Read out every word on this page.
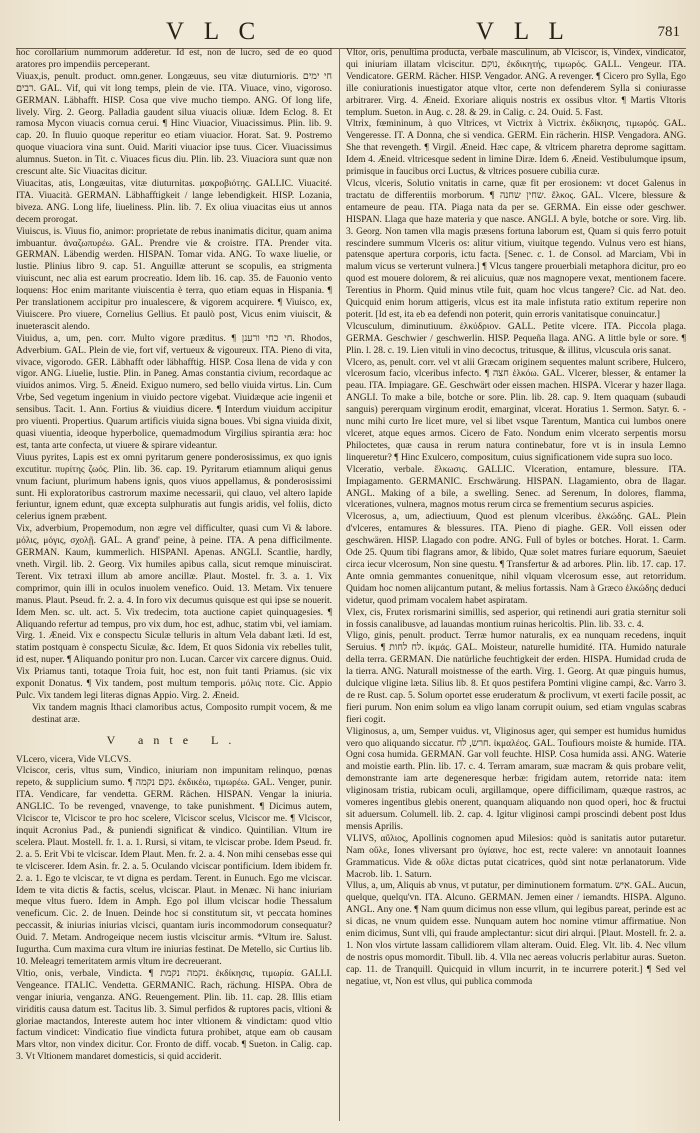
V L C	V L L	781

hoc corollarium nummorum adderetur. Id est, non de lucro, sed de eo quod aratores pro impendiis perceperant.

Viuax,is, penult. product. omn.gener. Longæuus, seu vitæ diuturnioris. חי ימים רבים. GAL. Vif, qui vit long temps, plein de vie. ITA. Viuace, vino, vigoroso. GERMAN. Läbhafft. HISP. Cosa que vive mucho tiempo. ANG. Of long life, lively. Virg. 2. Georg. Palladia gaudent silua viuacis oliuæ. Idem Eclog. 8. Et ramosa Mycon viuacis cornua cerui. ¶ Hinc Viuacior, Viuacissimus. Plin. lib. 9. cap. 20. In fluuio quoque reperitur eo etiam viuacior. Horat. Sat. 9. Postremo quoque viuaciora vina sunt. Ouid. Mariti viuacior ipse tuus. Cicer. Viuacissimus alumnus. Sueton. in Tit. c. Viuaces ficus diu. Plin. lib. 23. Viuaciora sunt quæ non crescunt alte. Sic Viuacitas dicitur.

Viuacitas, atis, Longæuitas, vitæ diuturnitas. μακροβιότης. GALLIC. Viuacité. ITA. Viuacità. GERMAN. Läbhafftigkeit / lange lebendigkeit. HISP. Lozania, biveza. ANG. Long life, liueliness. Plin. lib. 7. Ex oliua viuacitas eius ut annos decem prorogat.

Viuiscus, is. Viuus fio, animor: proprietate de rebus inanimatis dicitur, quam anima imbuantur. ἀναζωπυρέω. GAL. Prendre vie & croistre. ITA. Prender vita. GERMAN. Läbendig werden. HISPAN. Tomar vida. ANG. To waxe liuelie, or lustie. Plinius libro 9. cap. 51. Anguillæ atterunt se scopulis, ea strigmenta viuiscunt, nec alia est earum procreatio. Idem lib. 16. cap. 35. de Fauonio vento loquens: Hoc enim maritante viuiscentia è terra, quo etiam equas in Hispania. ¶ Per translationem accipitur pro inualescere, & vigorem acquirere. ¶ Viuisco, ex, Viuiscere. Pro viuere, Cornelius Gellius. Et paulò post, Vicus enim viuiscit, & inueterascit alendo.

Viuidus, a, um, pen. corr. Multo vigore præditus. ¶ חי כחי ורענן. Rhodos, Adverbium. GAL. Plein de vie, fort vif, vertueux & vigoureux. ITA. Pieno di vita, vivace, vigorodo. GER. Läbhafft oder läbhafftig. HISP. Cosa llena de vida y con vigor. ANG. Liuelie, lustie. Plin. in Paneg. Amas constantia civium, recordaque ac viuidos animos. Virg. 5. Æneid. Exiguo numero, sed bello viuida virtus. Lin. Cum Vrbe, Sed vegetum ingenium in viuido pectore vigebat. Viuidæque acie ingenii et sensibus. Tacit. 1. Ann. Fortius & viuidius dicere. ¶ Interdum viuidum accipitur pro viuenti. Propertius. Quarum artificis viuida signa boues. Vbi signa viuida dixit, quasi viuentia, ideoque hyperbolice, quemadmodum Virgilius spirantia æra: hoc est, tanta arte confecta, ut viuere & spirare videantur.

Viuus pyrites, Lapis est ex omni pyritarum genere ponderosissimus, ex quo ignis excutitur. πυρίτης ζωός. Plin. lib. 36. cap. 19. Pyritarum etiamnum aliqui genus vnum faciunt, plurimum habens ignis, quos viuos appellamus, & ponderosissimi sunt. Hi exploratoribus castrorum maxime necessarii, qui clauo, vel altero lapide feriuntur, ignem edunt, quæ excepta sulphuratis aut fungis aridis, vel foliis, dicto celerius ignem præbent.

Vix, adverbium, Propemodum, non ægre vel difficulter, quasi cum Vi & labore. μόλις, μόγις, σχολῇ. GAL. A grand' peine, à peine. ITA. A pena difficilmente. GERMAN. Kaum, kummerlich. HISPANI. Apenas. ANGLI. Scantlie, hardly, vneth. Virgil. lib. 2. Georg. Vix humiles apibus calla, sicut remque minuiscirat. Terent. Vix tetraxi illum ab amore ancillæ. Plaut. Mostel. fr. 3. a. 1. Vix comprimor, quin illi in oculos inuolem venefico. Ouid. 13. Metam. Vix tenuere manus. Plaut. Pseud. fr. 2. a. 4. In foro vix decumus quisque est qui ipse se nouerit. Idem Men. sc. ult. act. 5. Vix tredecim, tota auctione capiet quinquagesies. ¶ Aliquando refertur ad tempus, pro vix dum, hoc est, adhuc, statim vbi, vel iamiam. Virg. 1. Æneid. Vix e conspectu Siculæ telluris in altum Vela dabant læti. Id est, statim postquam è conspectu Siculæ, &c. Idem, Et quos Sidonia vix rebelles tulit, id est, nuper. ¶ Aliquando ponitur pro non. Lucan. Carcer vix carcere dignus. Ouid. Vix Priamus tanti, totaque Troia fuit, hoc est, non fuit tanti Priamus. (sic vix exponit Donatus. ¶ Vix tandem, post multum temporis. μόλις ποτε. Cic. Appio Pulc. Vix tandem legi literas dignas Appio. Virg. 2. Æneid.

Vix tandem magnis Ithaci clamoribus actus, Composito rumpit vocem, & me destinat aræ.

V ante L.

VLcero, vicera, Vide VLCVS.

Vlciscor, ceris, vltus sum, Vindico, iniuriam non impunitam relinquo, pœnas repeto, & supplicium sumo. ¶ נקם נקמה. ἐκδικέω, τιμωρέω. GAL. Venger, punir. ITA. Vendicare, far vendetta. GERM. Rächen. HISPAN. Vengar la iniuria. ANGLIC. To be revenged, vnavenge, to take punishment. ¶ Dicimus autem, Vlciscor te, Vlciscor te pro hoc scelere, Vlciscor scelus, Vlciscor me. ¶ Vlciscor, inquit Acronius Pad., & puniendi significat & vindico. Quintilian. Vltum ire scelera. Plaut. Mostell. fr. 1. a. 1. Rursi, si vitam, te vlciscar probe. Idem Pseud. fr. 2. a. 5. Erit Vbi te vlciscar. Idem Plaut. Men. fr. 2. a. 4. Non mihi censebas esse qui te vlciscerer. Idem Asin. fr. 2. a. 5. Oculando vlciscar pontificium. Idem ibidem fr. 2. a. 1. Ego te vlciscar, te vt digna es perdam. Terent. in Eunuch. Ego me vlciscar. Idem te vita dictis & factis, scelus, vlciscar. Plaut. in Menæc. Ni hanc iniuriam meque vltus fuero. Idem in Amph. Ego pol illum vlciscar hodie Thessalum veneficum. Cic. 2. de Inuen. Deinde hoc si constitutum sit, vt peccata homines peccassit, & iniurias iniurias vlcisci, quantam iuris incommodorum consequatur? Ouid. 7. Metam. Androgeique necem iustis vlciscitur armis. *Vltum ire. Salust. Iugurtha. Cum maxima cura vltum ire iniurias festinat. De Metello, sic Curtius lib. 10. Meleagri temeritatem armis vltum ire decreuerant.

Vltio, onis, verbale, Vindicta. ¶ נקמה נקמת. ἐκδίκησις, τιμωρία. GALLI. Vengeance. ITALIC. Vendetta. GERMANIC. Rach, rächung. HISPA. Obra de vengar iniuria, venganza. ANG. Reuengement. Plin. lib. 11. cap. 28. Illis etiam viriditis causa datum est. Tacitus lib. 3. Simul perfidos & ruptores pacis, vltioni & gloriae mactandos, Intereste autem hoc inter vltionem & vindictam: quod vltio factum vindicet: Vindicatio fiue vindicta futura prohibet, atque eam ob causam Mars vltor, non vindex dicitur. Cor. Fronto de diff. vocab. ¶ Sueton. in Calig. cap. 3. Vt Vltionem mandaret domesticis, si quid acciderit.

Vltor, oris, penultima producta, verbale masculinum, ab Vlciscor, is, Vindex, vindicator, qui iniuriam illatam vlciscitur. נוקם, ἐκδικητής, τιμωρός. GALL. Vengeur. ITA. Vendicatore. GERM. Rächer. HISP. Vengador. ANG. A revenger. ¶ Cicero pro Sylla, Ego ille coniurationis inuestigator atque vltor, certe non defenderem Sylla si coniurasse arbitrarer. Virg. 4. Æneid. Exoriare aliquis nostris ex ossibus vltor. ¶ Martis Vltoris templum. Sueton. in Aug. c. 28. & 29. in Calig. c. 24. Ouid. 5. Fast.

Vltrix, fœmininum, à quo Vltrices, vt Victrix à Victrix. ἐκδίκησις, τιμωρός. GAL. Vengeresse. IT. A Donna, che si vendica. GERM. Ein rächerin. HISP. Vengadora. ANG. She that revengeth. ¶ Virgil. Æneid. Hæc cape, & vltricem pharetra deprome sagittam. Idem 4. Æneid. vltricesque sedent in limine Diræ. Idem 6. Æneid. Vestibulumque ipsum, primisque in faucibus orci Luctus, & vltrices posuere cubilia curæ.

Vlcus, vlceris, Solutio vnitatis in carne, quæ fit per erosionem: vt docet Galenus in tractatu de differentiis morborum. ¶ שחין שחנה. ἕλκος. GAL. Vlcere, blessure & entameure de peau. ITA. Piaga nata da per se. GERMA. Ein eisse oder geschwer. HISPAN. Llaga que haze materia y que nasce. ANGLI. A byle, botche or sore. Virg. lib. 3. Georg. Non tamen vlla magis præsens fortuna laborum est, Quam si quis ferro potuit rescindere summum Vlceris os: alitur vitium, viuitque tegendo. Vulnus vero est hians, patensque apertura corporis, ictu facta. [Senec. c. 1. de Consol. ad Marciam, Vbi in malum vicus se verterunt vulnera.] ¶ Vlcus tangere prouerbiali metaphora dicitur, pro eo quod est mouere dolorem, & rei alicuius, quæ nos magnopere vexat, mentionem facere. Terentius in Phorm. Quid minus vtile fuit, quam hoc vlcus tangere? Cic. ad Nat. deo. Quicquid enim horum attigeris, vlcus est ita male infistuta ratio extitum reperire non poterit. [Id est, ita eb ea defendi non poterit, quin erroris vanitatisque conuincatur.]

Vlcusculum, diminutiuum. ἑλκύδριον. GALL. Petite vlcere. ITA. Piccola plaga. GERMA. Geschwier / geschwerlin. HISP. Pequeña llaga. ANG. A little byle or sore. ¶ Plin. l. 28. c. 19. Lien vituli in vino decoctus, tritusque, & illitus, vlcuscula oris sanat.

Vlcero, as, penult. corr. vel vt alii Græcam originem sequentes malunt scribere, Hulcero, vlcerosum facio, vlceribus infecto. ¶ חצה ἑλκόω. GAL. Vlcerer, blesser, & entamer la peau. ITA. Impiagare. GE. Geschwärt oder eissen machen. HISPA. Vlcerar y hazer llaga. ANGLI. To make a bile, botche or sore. Plin. lib. 28. cap. 9. Item quaquam (subaudi sanguis) pererquam virginum erodit, emarginat, vlcerat. Horatius 1. Sermon. Satyr. 6. - nunc mihi curto Ire licet mure, vel si libet vsque Tarentum, Mantica cui lumbos onere vlceret, atque eques armos. Cicero de Fato. Nondum enim vlcerato serpentis morsu Philoctetes, quæ causa in rerum natura continebatur, fore vt is in insula Lemno linqueretur? ¶ Hinc Exulcero, compositum, cuius significationem vide supra suo loco.

Vlceratio, verbale. ἕλκωσις. GALLIC. Vlceration, entamure, blessure. ITA. Impiagamento. GERMANIC. Erschwärung. HISPAN. Llagamiento, obra de llagar. ANGL. Making of a bile, a swelling. Senec. ad Serenum, In dolores, flamma, vlcerationes, vulnera, magnos motus rerum circa se frementium securus aspicies.

Vlcerosus, a, um, adiectiuum, Quod est plenum vlceribus. ἑλκώδης. GAL. Plein d'vlceres, entamures & blessures. ITA. Pieno di piaghe. GER. Voll eissen oder geschwären. HISP. Llagado con podre. ANG. Full of byles or botches. Horat. 1. Carm. Ode 25. Quum tibi flagrans amor, & libido, Quæ solet matres furiare equorum, Saeuiet circa iecur vlcerosum, Non sine questu. ¶ Transfertur & ad arbores. Plin. lib. 17. cap. 17. Ante omnia gemmantes conuenitque, nihil vlquam vlcerosum esse, aut retorridum. Quidam hoc nomen alijcantum putant, & melius fortassis. Nam à Græco ἑλκώδης deduci videtur, quod primam vocalem habet aspiratam.

Vlex, cis, Frutex rorismarini simillis, sed asperior, qui retinendi auri gratia sternitur soli in fossis canalibusve, ad lauandas montium ruinas hericoltis. Plin. lib. 33. c. 4.

Vligo, ginis, penult. product. Terræ humor naturalis, ex ea nunquam recedens, inquit Seruius. ¶ לח לחות. ἰκμάς. GAL. Moisteur, naturelle humidité. ITA. Humido naturale della terra. GERMAN. Die natürliche feuchtigkeit der erden. HISPA. Humidad cruda de la tierra. ANG. Naturall moistnesse of the earth. Virg. 1. Georg. At quæ pinguis humus, dulcique vligine læta. Silius lib. 8. Et quos pestifera Pomtini vligine campi, &c. Varro 3. de re Rust. cap. 5. Solum oportet esse eruderatum & proclivum, vt exerti facile possit, ac fieri purum. Non enim solum ea vligo lanam corrupit ouium, sed etiam vngulas scabras fieri cogit.

Vliginosus, a, um, Semper vuidus. vt, Vliginosus ager, qui semper est humidus humidus vero quo aliquando siccatur. חרש, לח. ἰκμαλέος. GAL. Toufiours moiste & humide. ITA. Ogni cosa humida. GERMAN. Gar voll feuchte. HISP. Cosa humida assi. ANG. Waterie and moistie earth. Plin. lib. 17. c. 4. Terram amaram, suæ macram & quis probare velit, demonstrante iam arte degeneresque herbæ: frigidam autem, retorride nata: item vliginosam tristia, rubicam oculi, argillamque, opere difficilimam, quæque rastros, ac vomeres ingentibus glebis onerent, quanquam aliquando non quod operi, hoc & fructui sit aduersum. Columell. lib. 2. cap. 4. Igitur vliginosi campi proscindi debent post Idus mensis Aprilis.

VLIVS, αὔλιος, Apollinis cognomen apud Milesios: quòd is sanitatis autor putaretur. Nam οὔλε, Iones vliversant pro ὑγίαινε, hoc est, recte valere: vn annotauit Ioannes Grammaticus. Vide & οὔλε dictas putat cicatrices, quòd sint notæ perlanatorum. Vide Macrob. lib. 1. Saturn.

Vllus, a, um, Aliquis ab vnus, vt putatur, per diminutionem formatum. איש. GAL. Aucun, quelque, quelqu'vn. ITA. Alcuno. GERMAN. Jemen einer / iemandts. HISPA. Alguno. ANGL. Any one. ¶ Nam quum dicimus non esse vllum, qui legibus pareat, perinde est ac si dicas, ne vnum quidem esse. Nunquam autem hoc nomine vtimur affirmatiue. Non enim dicimus, Sunt vlli, qui fraude amplectantur: sicut diri alrqui. [Plaut. Mostell. fr. 2. a. 1. Non vlos virtute lassam callidiorem vllam alteram. Ouid. Eleg. Vlt. lib. 4. Nec vllum de nostris opus momordit. Tibull. lib. 4. Vlla nec aereas volucris perlabitur auras. Sueton. cap. 11. de Tranquill. Quicquid in vllum incurrit, in te incurrere poterit.] ¶ Sed vel negatiue, vt, Non est vllus, qui publica commoda
